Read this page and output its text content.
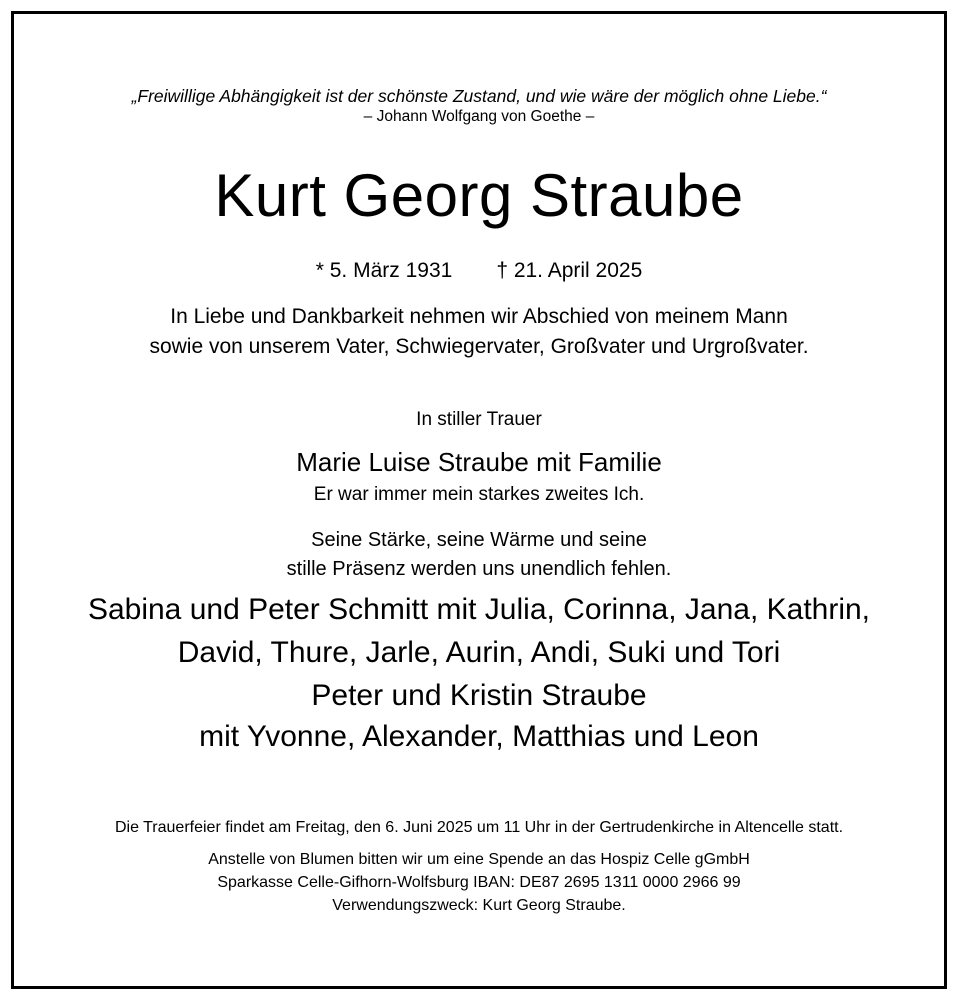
„Freiwillige Abhängigkeit ist der schönste Zustand, und wie wäre der möglich ohne Liebe.“
– Johann Wolfgang von Goethe –
Kurt Georg Straube
* 5. März 1931 † 21. April 2025
In Liebe und Dankbarkeit nehmen wir Abschied von meinem Mann
sowie von unserem Vater, Schwiegervater, Großvater und Urgroßvater.
In stiller Trauer
Marie Luise Straube mit Familie
Er war immer mein starkes zweites Ich.
Seine Stärke, seine Wärme und seine
stille Präsenz werden uns unendlich fehlen.
Sabina und Peter Schmitt mit Julia, Corinna, Jana, Kathrin,
David, Thure, Jarle, Aurin, Andi, Suki und Tori
Peter und Kristin Straube
mit Yvonne, Alexander, Matthias und Leon
Die Trauerfeier findet am Freitag, den 6. Juni 2025 um 11 Uhr in der Gertrudenkirche in Altencelle statt.
Anstelle von Blumen bitten wir um eine Spende an das Hospiz Celle gGmbH
Sparkasse Celle-Gifhorn-Wolfsburg IBAN: DE87 2695 1311 0000 2966 99
Verwendungszweck: Kurt Georg Straube.
